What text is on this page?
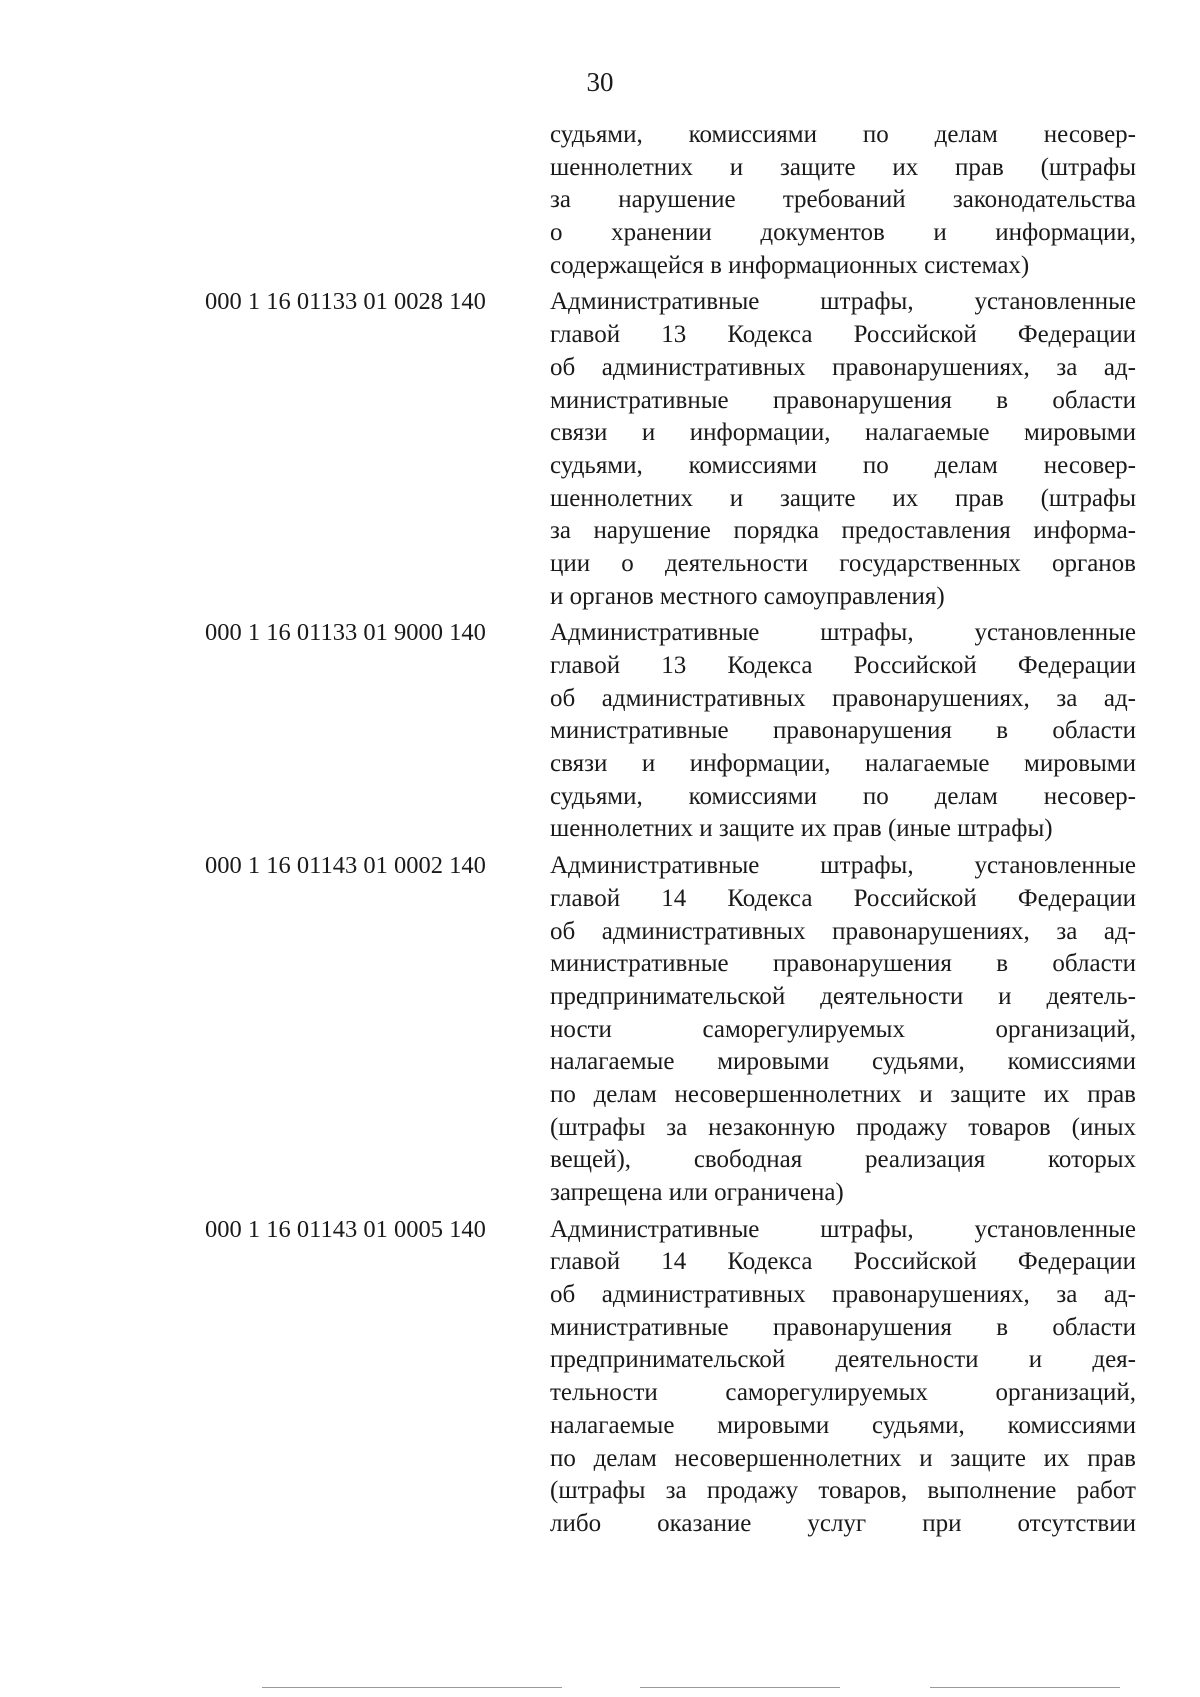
30
судьями, комиссиями по делам несовер-
шеннолетних и защите их прав (штрафы
за нарушение требований законодательства
о хранении документов и информации,
содержащейся в информационных системах)
000 1 16 01133 01 0028 140	Административные штрафы, установленные
главой 13 Кодекса Российской Федерации
об административных правонарушениях, за ад-
министративные правонарушения в области
связи и информации, налагаемые мировыми
судьями, комиссиями по делам несовер-
шеннолетних и защите их прав (штрафы
за нарушение порядка предоставления информа-
ции о деятельности государственных органов
и органов местного самоуправления)
000 1 16 01133 01 9000 140	Административные штрафы, установленные
главой 13 Кодекса Российской Федерации
об административных правонарушениях, за ад-
министративные правонарушения в области
связи и информации, налагаемые мировыми
судьями, комиссиями по делам несовер-
шеннолетних и защите их прав (иные штрафы)
000 1 16 01143 01 0002 140	Административные штрафы, установленные
главой 14 Кодекса Российской Федерации
об административных правонарушениях, за ад-
министративные правонарушения в области
предпринимательской деятельности и деятель-
ности саморегулируемых организаций,
налагаемые мировыми судьями, комиссиями
по делам несовершеннолетних и защите их прав
(штрафы за незаконную продажу товаров (иных
вещей), свободная реализация которых
запрещена или ограничена)
000 1 16 01143 01 0005 140	Административные штрафы, установленные
главой 14 Кодекса Российской Федерации
об административных правонарушениях, за ад-
министративные правонарушения в области
предпринимательской деятельности и дея-
тельности саморегулируемых организаций,
налагаемые мировыми судьями, комиссиями
по делам несовершеннолетних и защите их прав
(штрафы за продажу товаров, выполнение работ
либо оказание услуг при отсутствии
